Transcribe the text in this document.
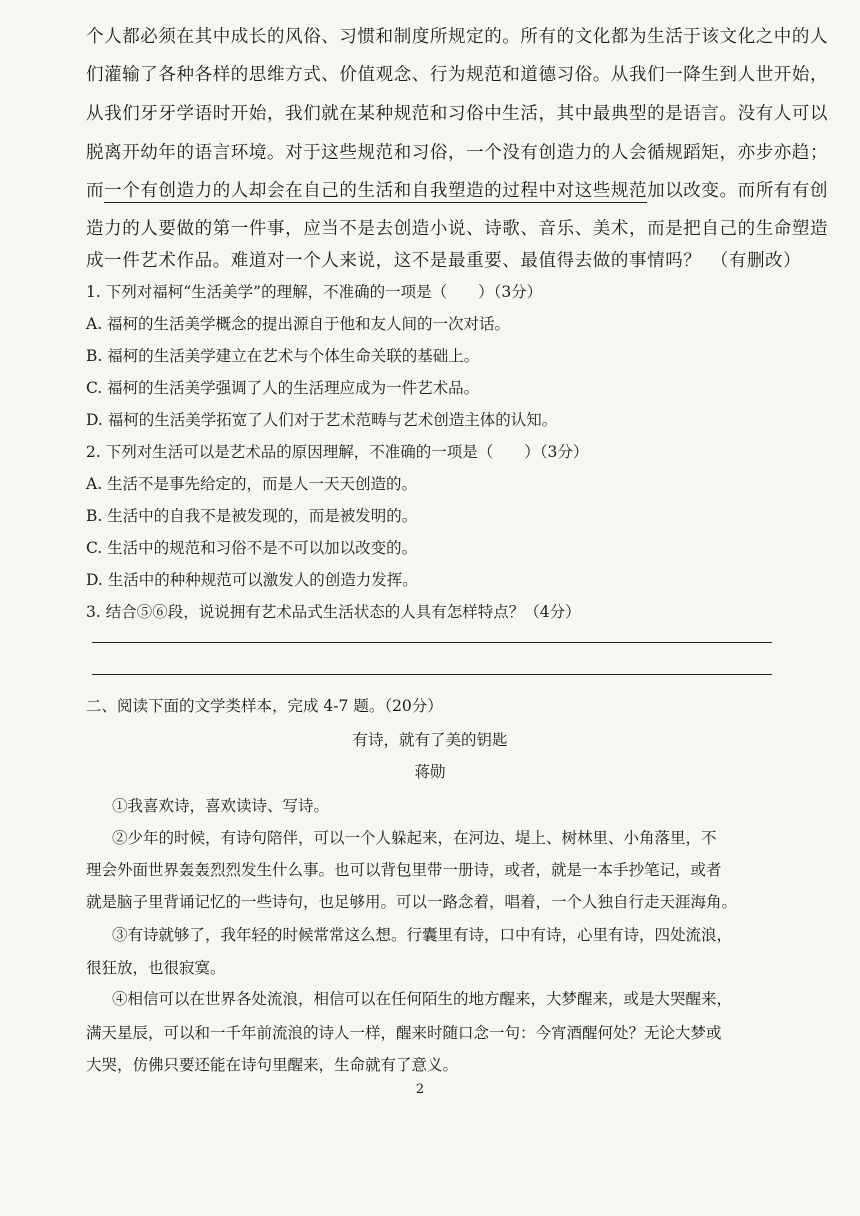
个人都必须在其中成长的风俗、习惯和制度所规定的。所有的文化都为生活于该文化之中的人
们灌输了各种各样的思维方式、价值观念、行为规范和道德习俗。从我们一降生到人世开始，
从我们牙牙学语时开始，我们就在某种规范和习俗中生活，其中最典型的是语言。没有人可以
脱离开幼年的语言环境。对于这些规范和习俗，一个没有创造力的人会循规蹈矩，亦步亦趋；
而一个有创造力的人却会在自己的生活和自我塑造的过程中对这些规范加以改变。而所有有创
造力的人要做的第一件事，应当不是去创造小说、诗歌、音乐、美术，而是把自己的生命塑造
成一件艺术作品。难道对一个人来说，这不是最重要、最值得去做的事情吗？　（有删改）
1. 下列对福柯“生活美学”的理解，不准确的一项是（　　）（3分）
A. 福柯的生活美学概念的提出源自于他和友人间的一次对话。
B. 福柯的生活美学建立在艺术与个体生命关联的基础上。
C. 福柯的生活美学强调了人的生活理应成为一件艺术品。
D. 福柯的生活美学拓宽了人们对于艺术范畴与艺术创造主体的认知。
2. 下列对生活可以是艺术品的原因理解，不准确的一项是（　　）（3分）
A. 生活不是事先给定的，而是人一天天创造的。
B. 生活中的自我不是被发现的，而是被发明的。
C. 生活中的规范和习俗不是不可以加以改变的。
D. 生活中的种种规范可以激发人的创造力发挥。
3. 结合⑤⑥段，说说拥有艺术品式生活状态的人具有怎样特点？（4分）
二、阅读下面的文学类样本，完成 4-7 题。（20分）
有诗，就有了美的钥匙
蒋勋
①我喜欢诗，喜欢读诗、写诗。
②少年的时候，有诗句陪伴，可以一个人躲起来，在河边、堤上、树林里、小角落里，不
理会外面世界轰轰烈烈发生什么事。也可以背包里带一册诗，或者，就是一本手抄笔记，或者
就是脑子里背诵记忆的一些诗句，也足够用。可以一路念着，唱着，一个人独自行走天涯海角。
③有诗就够了，我年轻的时候常常这么想。行囊里有诗，口中有诗，心里有诗，四处流浪，
很狂放，也很寂寞。
④相信可以在世界各处流浪，相信可以在任何陌生的地方醒来，大梦醒来，或是大哭醒来，
满天星辰，可以和一千年前流浪的诗人一样，醒来时随口念一句：今宵酒醒何处？无论大梦或
大哭，仿佛只要还能在诗句里醒来，生命就有了意义。
2
